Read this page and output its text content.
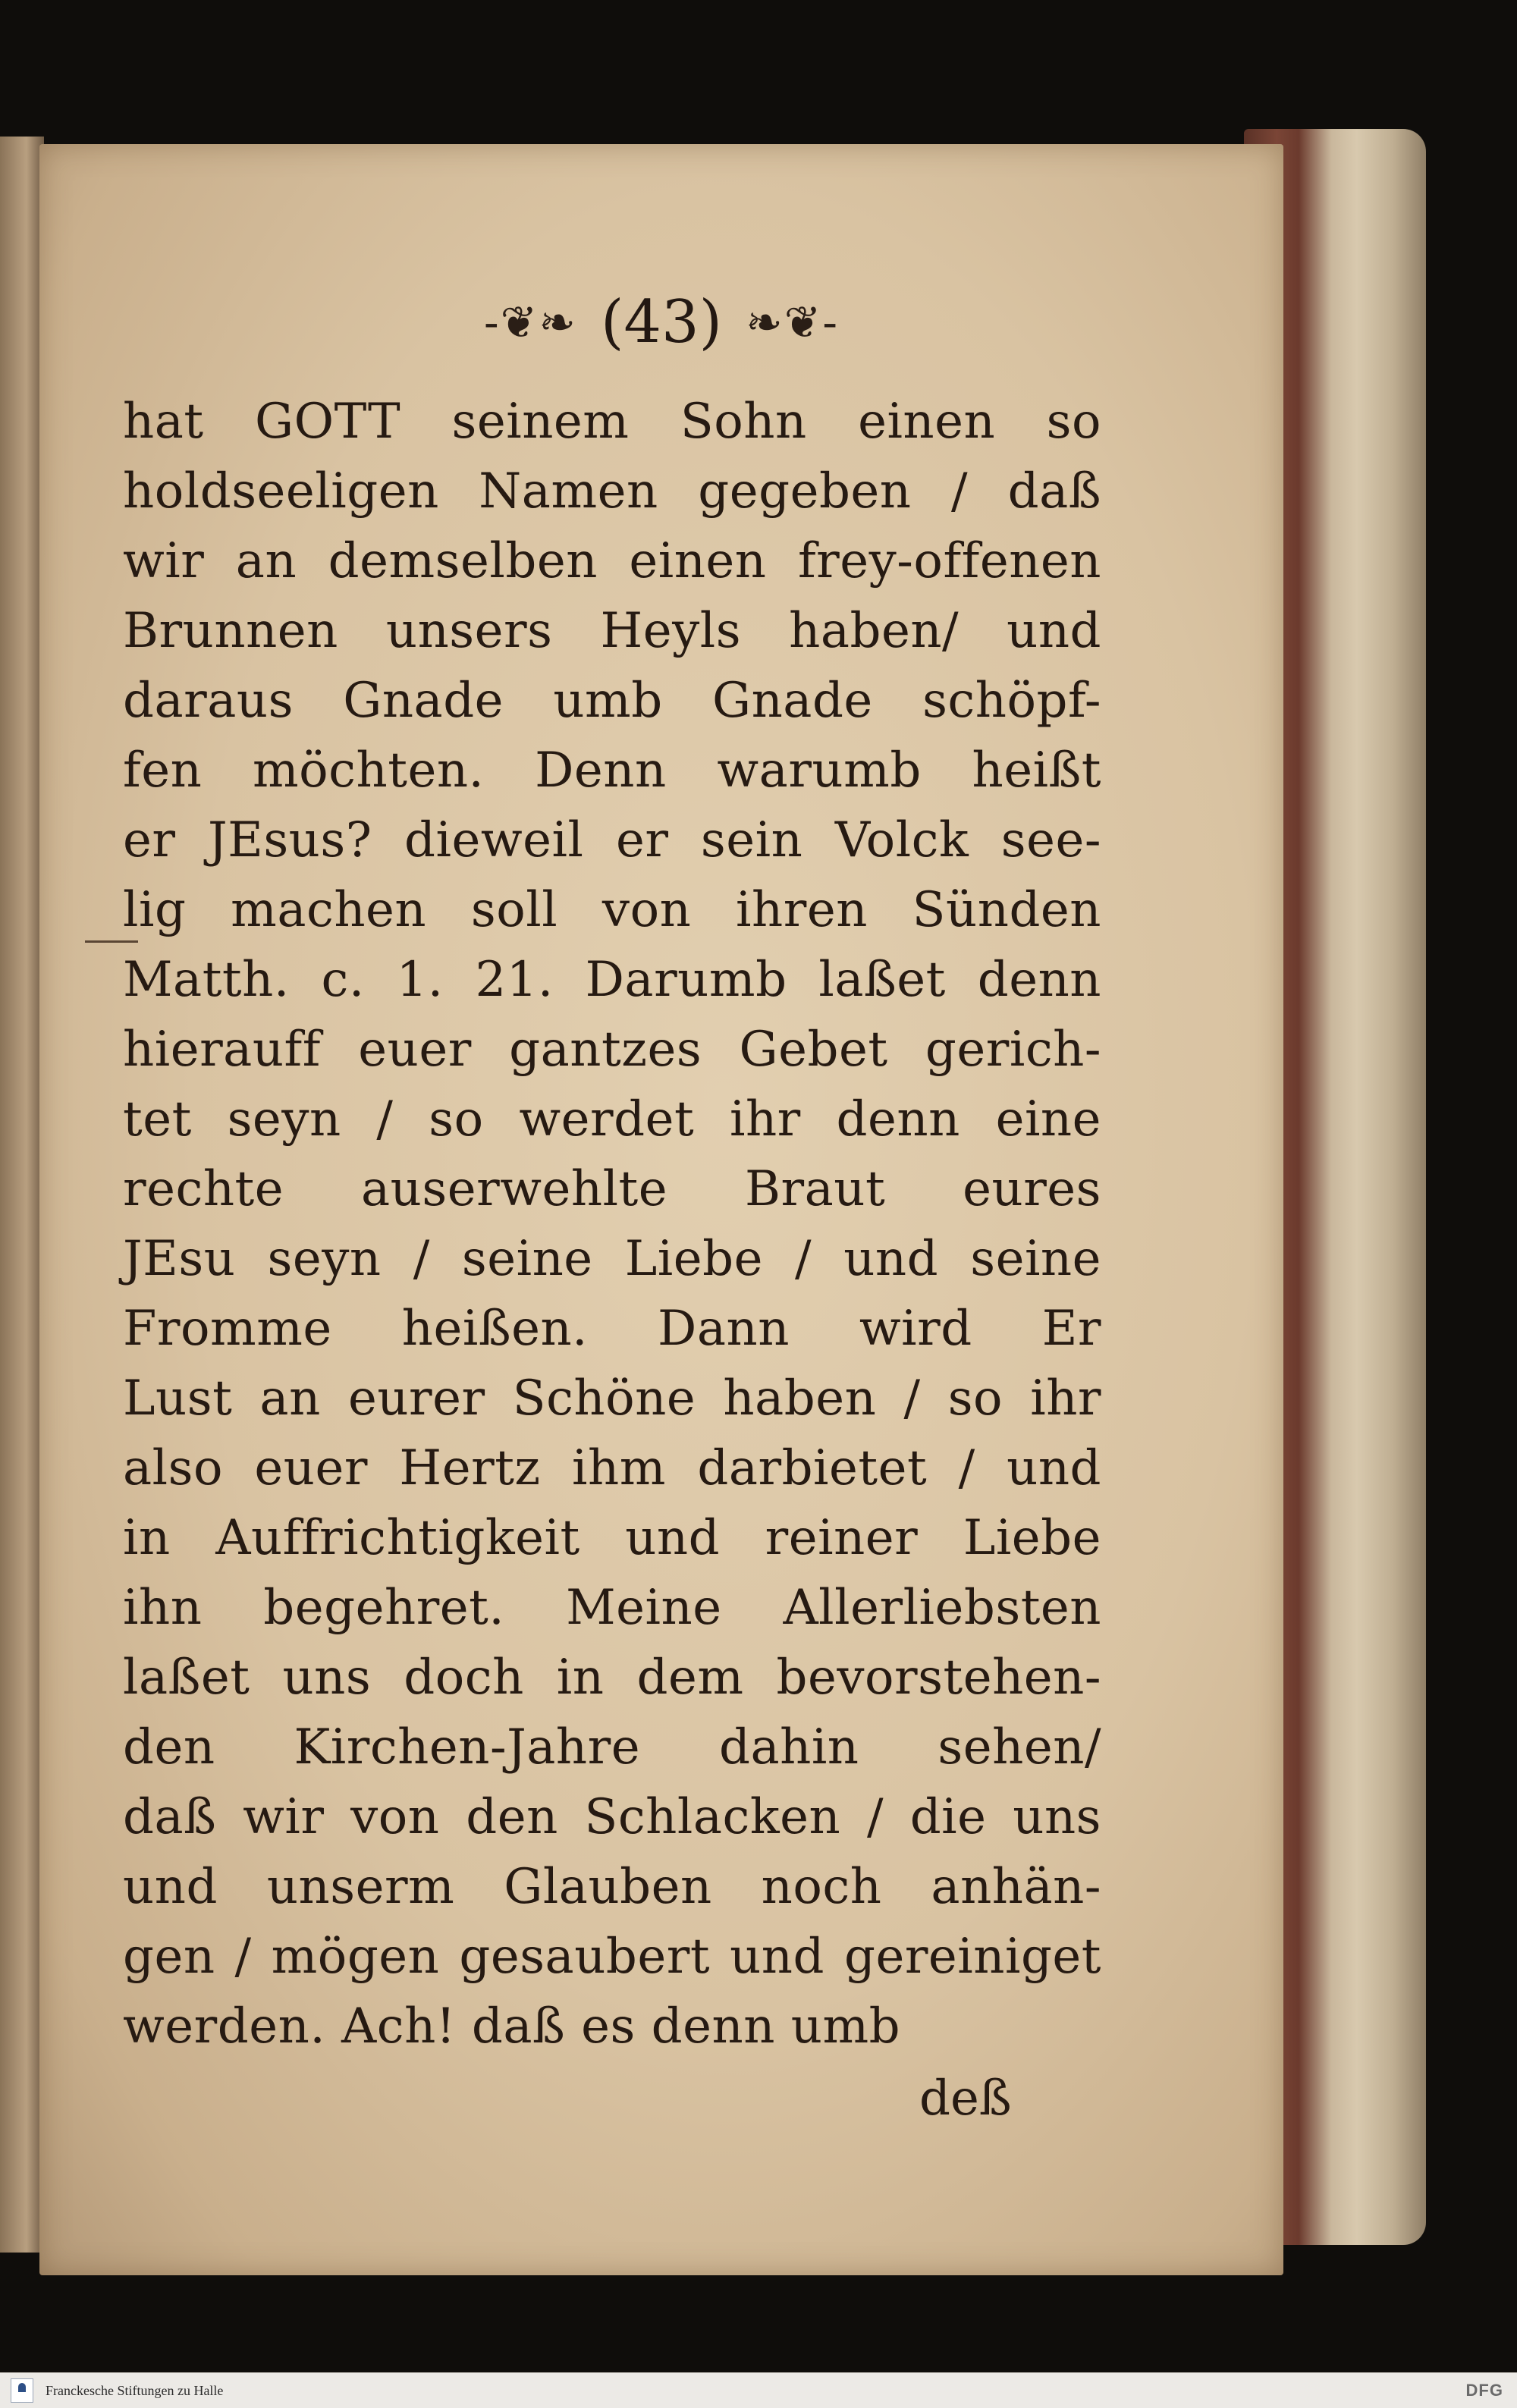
-❦❧ (43) ❧❦-
hat GOTT seinem Sohn einen so
holdseeligen Namen gegeben / daß
wir an demselben einen frey-offenen
Brunnen unsers Heyls haben/ und
daraus Gnade umb Gnade schöpf-
fen möchten. Denn warumb heißt
er JEsus? dieweil er sein Volck see-
lig machen soll von ihren Sünden
Matth. c. 1. 21. Darumb laßet denn
hierauff euer gantzes Gebet gerich-
tet seyn / so werdet ihr denn eine
rechte auserwehlte Braut eures
JEsu seyn / seine Liebe / und seine
Fromme heißen. Dann wird Er
Lust an eurer Schöne haben / so ihr
also euer Hertz ihm darbietet / und
in Auffrichtigkeit und reiner Liebe
ihn begehret. Meine Allerliebsten
laßet uns doch in dem bevorstehen-
den Kirchen-Jahre dahin sehen/
daß wir von den Schlacken / die uns
und unserm Glauben noch anhän-
gen / mögen gesaubert und gereiniget
werden. Ach! daß es denn umb
deß
Franckesche Stiftungen zu Halle	DFG
